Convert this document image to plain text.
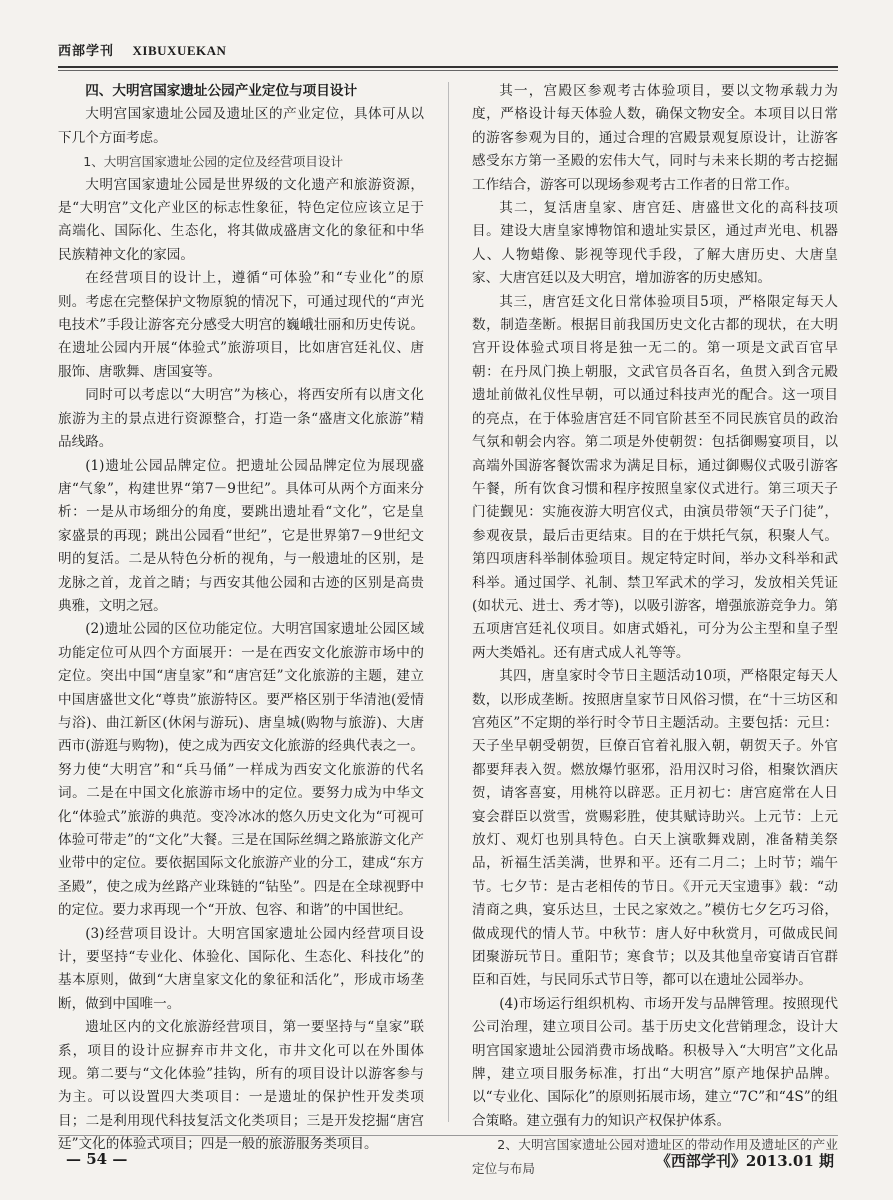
西部学刊 XIBUXUEKAN
四、大明宫国家遗址公园产业定位与项目设计

大明宫国家遗址公园及遗址区的产业定位，具体可从以下几个方面考虑。

1、大明宫国家遗址公园的定位及经营项目设计

大明宫国家遗址公园是世界级的文化遗产和旅游资源，是“大明宫”文化产业区的标志性象征，特色定位应该立足于高端化、国际化、生态化，将其做成盛唐文化的象征和中华民族精神文化的家园。

在经营项目的设计上，遵循“可体验”和“专业化”的原则。考虑在完整保护文物原貌的情况下，可通过现代的“声光电技术”手段让游客充分感受大明宫的巍峨壮丽和历史传说。在遗址公园内开展“体验式”旅游项目，比如唐宫廷礼仪、唐服饰、唐歌舞、唐国宴等。

同时可以考虑以“大明宫”为核心，将西安所有以唐文化旅游为主的景点进行资源整合，打造一条“盛唐文化旅游”精品线路。

(1)遗址公园品牌定位。把遗址公园品牌定位为展现盛唐“气象”，构建世界“第7－9世纪”。具体可从两个方面来分析：一是从市场细分的角度，要跳出遗址看“文化”，它是皇家盛景的再现；跳出公园看“世纪”，它是世界第7－9世纪文明的复活。二是从特色分析的视角，与一般遗址的区别，是龙脉之首，龙首之睛；与西安其他公园和古迹的区别是高贵典雅，文明之冠。

(2)遗址公园的区位功能定位。大明宫国家遗址公园区域功能定位可从四个方面展开：一是在西安文化旅游市场中的定位。突出中国“唐皇家”和“唐宫廷”文化旅游的主题，建立中国唐盛世文化“尊贵”旅游特区。要严格区别于华清池(爱情与浴)、曲江新区(休闲与游玩)、唐皇城(购物与旅游)、大唐西市(游逛与购物)，使之成为西安文化旅游的经典代表之一。努力使“大明宫”和“兵马俑”一样成为西安文化旅游的代名词。二是在中国文化旅游市场中的定位。要努力成为中华文化“体验式”旅游的典范。变冷冰冰的悠久历史文化为“可视可体验可带走”的“文化”大餐。三是在国际丝绸之路旅游文化产业带中的定位。要依据国际文化旅游产业的分工，建成“东方圣殿”，使之成为丝路产业珠链的“钻坠”。四是在全球视野中的定位。要力求再现一个“开放、包容、和谐”的中国世纪。

(3)经营项目设计。大明宫国家遗址公园内经营项目设计，要坚持“专业化、体验化、国际化、生态化、科技化”的基本原则，做到“大唐皇家文化的象征和活化”，形成市场垄断，做到中国唯一。

遗址区内的文化旅游经营项目，第一要坚持与“皇家”联系，项目的设计应摒弃市井文化，市井文化可以在外围体现。第二要与“文化体验”挂钩，所有的项目设计以游客参与为主。可以设置四大类项目：一是遗址的保护性开发类项目；二是利用现代科技复活文化类项目；三是开发挖掘“唐宫廷”文化的体验式项目；四是一般的旅游服务类项目。

其一，宫殿区参观考古体验项目，要以文物承载力为度，严格设计每天体验人数，确保文物安全。本项目以日常的游客参观为目的，通过合理的宫殿景观复原设计，让游客感受东方第一圣殿的宏伟大气，同时与未来长期的考古挖掘工作结合，游客可以现场参观考古工作者的日常工作。

其二，复活唐皇家、唐宫廷、唐盛世文化的高科技项目。建设大唐皇家博物馆和遗址实景区，通过声光电、机器人、人物蜡像、影视等现代手段，了解大唐历史、大唐皇家、大唐宫廷以及大明宫，增加游客的历史感知。

其三，唐宫廷文化日常体验项目5项，严格限定每天人数，制造垄断。根据目前我国历史文化古都的现状，在大明宫开设体验式项目将是独一无二的。第一项是文武百官早朝：在丹凤门换上朝服，文武官员各百名，鱼贯入到含元殿遗址前做礼仪性早朝，可以通过科技声光的配合。这一项目的亮点，在于体验唐宫廷不同官阶甚至不同民族官员的政治气氛和朝会内容。第二项是外使朝贺：包括御赐宴项目，以高端外国游客餐饮需求为满足目标，通过御赐仪式吸引游客午餐，所有饮食习惯和程序按照皇家仪式进行。第三项天子门徒觐见：实施夜游大明宫仪式，由演员带领“天子门徒”，参观夜景，最后击更结束。目的在于烘托气氛，积聚人气。第四项唐科举制体验项目。规定特定时间，举办文科举和武科举。通过国学、礼制、禁卫军武术的学习，发放相关凭证(如状元、进士、秀才等)，以吸引游客，增强旅游竞争力。第五项唐宫廷礼仪项目。如唐式婚礼，可分为公主型和皇子型两大类婚礼。还有唐式成人礼等等。

其四，唐皇家时令节日主题活动10项，严格限定每天人数，以形成垄断。按照唐皇家节日风俗习惯，在“十三坊区和宫苑区”不定期的举行时令节日主题活动。主要包括：元旦：天子坐早朝受朝贺，巨僚百官着礼服入朝，朝贺天子。外官都要拜表入贺。燃放爆竹驱邪，沿用汉时习俗，相聚饮酒庆贺，请客喜宴，用桃符以辟恶。正月初七：唐宫庭常在人日宴会群臣以赏雪，赏赐彩胜，使其赋诗助兴。上元节：上元放灯、观灯也别具特色。白天上演歌舞戏剧，准备精美祭品，祈福生活美满，世界和平。还有二月二；上时节；端午节。七夕节：是古老相传的节日。《开元天宝遗事》载：“动清商之典，宴乐达旦，士民之家效之。”模仿七夕乞巧习俗，做成现代的情人节。中秋节：唐人好中秋赏月，可做成民间团聚游玩节日。重阳节；寒食节；以及其他皇帝宴请百官群臣和百姓，与民同乐式节日等，都可以在遗址公园举办。

(4)市场运行组织机构、市场开发与品牌管理。按照现代公司治理，建立项目公司。基于历史文化营销理念，设计大明宫国家遗址公园消费市场战略。积极导入“大明宫”文化品牌，建立项目服务标准，打出“大明宫”原产地保护品牌。以“专业化、国际化”的原则拓展市场，建立“7C”和“4S”的组合策略。建立强有力的知识产权保护体系。

2、大明宫国家遗址公园对遗址区的带动作用及遗址区的产业定位与布局
— 54 —	《西部学刊》2013.01 期
